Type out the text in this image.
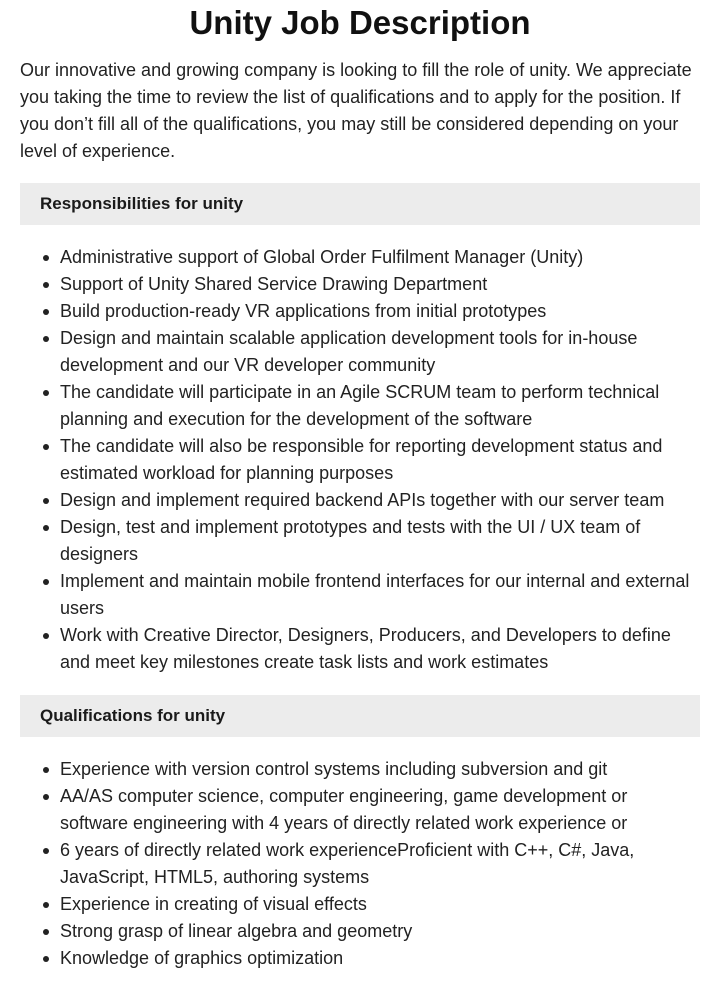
Unity Job Description

Our innovative and growing company is looking to fill the role of unity. We appreciate you taking the time to review the list of qualifications and to apply for the position. If you don’t fill all of the qualifications, you may still be considered depending on your level of experience.

Responsibilities for unity
Administrative support of Global Order Fulfilment Manager (Unity)
Support of Unity Shared Service Drawing Department
Build production-ready VR applications from initial prototypes
Design and maintain scalable application development tools for in-house development and our VR developer community
The candidate will participate in an Agile SCRUM team to perform technical planning and execution for the development of the software
The candidate will also be responsible for reporting development status and estimated workload for planning purposes
Design and implement required backend APIs together with our server team
Design, test and implement prototypes and tests with the UI / UX team of designers
Implement and maintain mobile frontend interfaces for our internal and external users
Work with Creative Director, Designers, Producers, and Developers to define and meet key milestones create task lists and work estimates
Qualifications for unity
Experience with version control systems including subversion and git
AA/AS computer science, computer engineering, game development or software engineering with 4 years of directly related work experience or
6 years of directly related work experienceProficient with C++, C#, Java, JavaScript, HTML5, authoring systems
Experience in creating of visual effects
Strong grasp of linear algebra and geometry
Knowledge of graphics optimization
